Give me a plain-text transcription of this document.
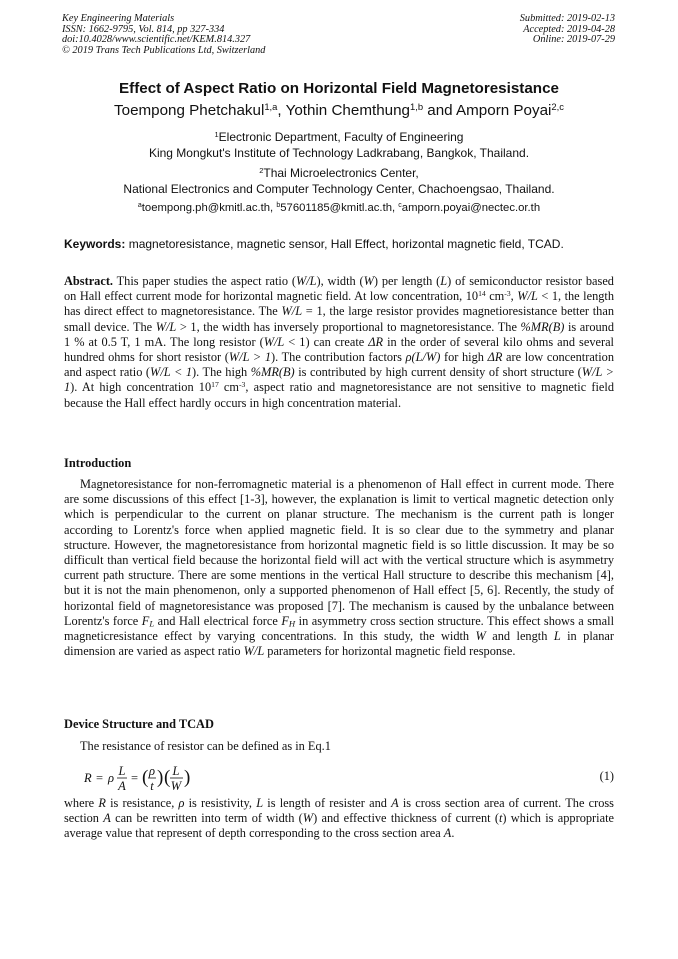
Key Engineering Materials
ISSN: 1662-9795, Vol. 814, pp 327-334
doi:10.4028/www.scientific.net/KEM.814.327
© 2019 Trans Tech Publications Ltd, Switzerland
Submitted: 2019-02-13
Accepted: 2019-04-28
Online: 2019-07-29
Effect of Aspect Ratio on Horizontal Field Magnetoresistance
Toempong Phetchakul$^{1,a}$, Yothin Chemthung$^{1,b}$ and Amporn Poyai$^{2,c}$
$^1$Electronic Department, Faculty of Engineering
King Mongkut's Institute of Technology Ladkrabang, Bangkok, Thailand.
$^2$Thai Microelectronics Center,
National Electronics and Computer Technology Center, Chachoengsao, Thailand.
$^a$toempong.ph@kmitl.ac.th, $^b$57601185@kmitl.ac.th, $^c$amporn.poyai@nectec.or.th
Keywords: magnetoresistance, magnetic sensor, Hall Effect, horizontal magnetic field, TCAD.
Abstract. This paper studies the aspect ratio (W/L), width (W) per length (L) of semiconductor resistor based on Hall effect current mode for horizontal magnetic field. At low concentration, $10^{14}$ $cm^{-3}$, W/L < 1, the length has direct effect to magnetoresistance. The W/L = 1, the large resistor provides magnetioresistance better than small device. The W/L > 1, the width has inversely proportional to magnetoresistance. The %MR(B) is around 1 % at 0.5 T, 1 mA. The long resistor (W/L < 1) can create ΔR in the order of several kilo ohms and several hundred ohms for short resistor (W/L > 1). The contribution factors ρ(L/W) for high ΔR are low concentration and aspect ratio (W/L < 1). The high %MR(B) is contributed by high current density of short structure (W/L > 1). At high concentration $10^{17}$ $cm^{-3}$, aspect ratio and magnetoresistance are not sensitive to magnetic field because the Hall effect hardly occurs in high concentration material.
Introduction
Magnetoresistance for non-ferromagnetic material is a phenomenon of Hall effect in current mode. There are some discussions of this effect [1-3], however, the explanation is limit to vertical magnetic detection only which is perpendicular to the current on planar structure. The mechanism is the current path is longer according to Lorentz's force when applied magnetic field. It is so clear due to the symmetry and planar structure. However, the magnetoresistance from horizontal magnetic field is so little discussion. It may be so difficult than vertical field because the horizontal field will act with the vertical structure which is asymmetry current path structure. There are some mentions in the vertical Hall structure to describe this mechanism [4], but it is not the main phenomenon, only a supported phenomenon of Hall effect [5, 6]. Recently, the study of horizontal field of magnetoresistance was proposed [7]. The mechanism is caused by the unbalance between Lorentz's force $F_L$ and Hall electrical force $F_H$ in asymmetry cross section structure. This effect shows a small magneticresistance effect by varying concentrations. In this study, the width W and length L in planar dimension are varied as aspect ratio W/L parameters for horizontal magnetic field response.
Device Structure and TCAD
The resistance of resistor can be defined as in Eq.1
R = ρ L
A
= ( ρ
t ) ( L
W )	(1)
where R is resistance, ρ is resistivity, L is length of resister and A is cross section area of current. The cross section A can be rewritten into term of width (W) and effective thickness of current (t) which is appropriate average value that represent of depth corresponding to the cross section area A.
